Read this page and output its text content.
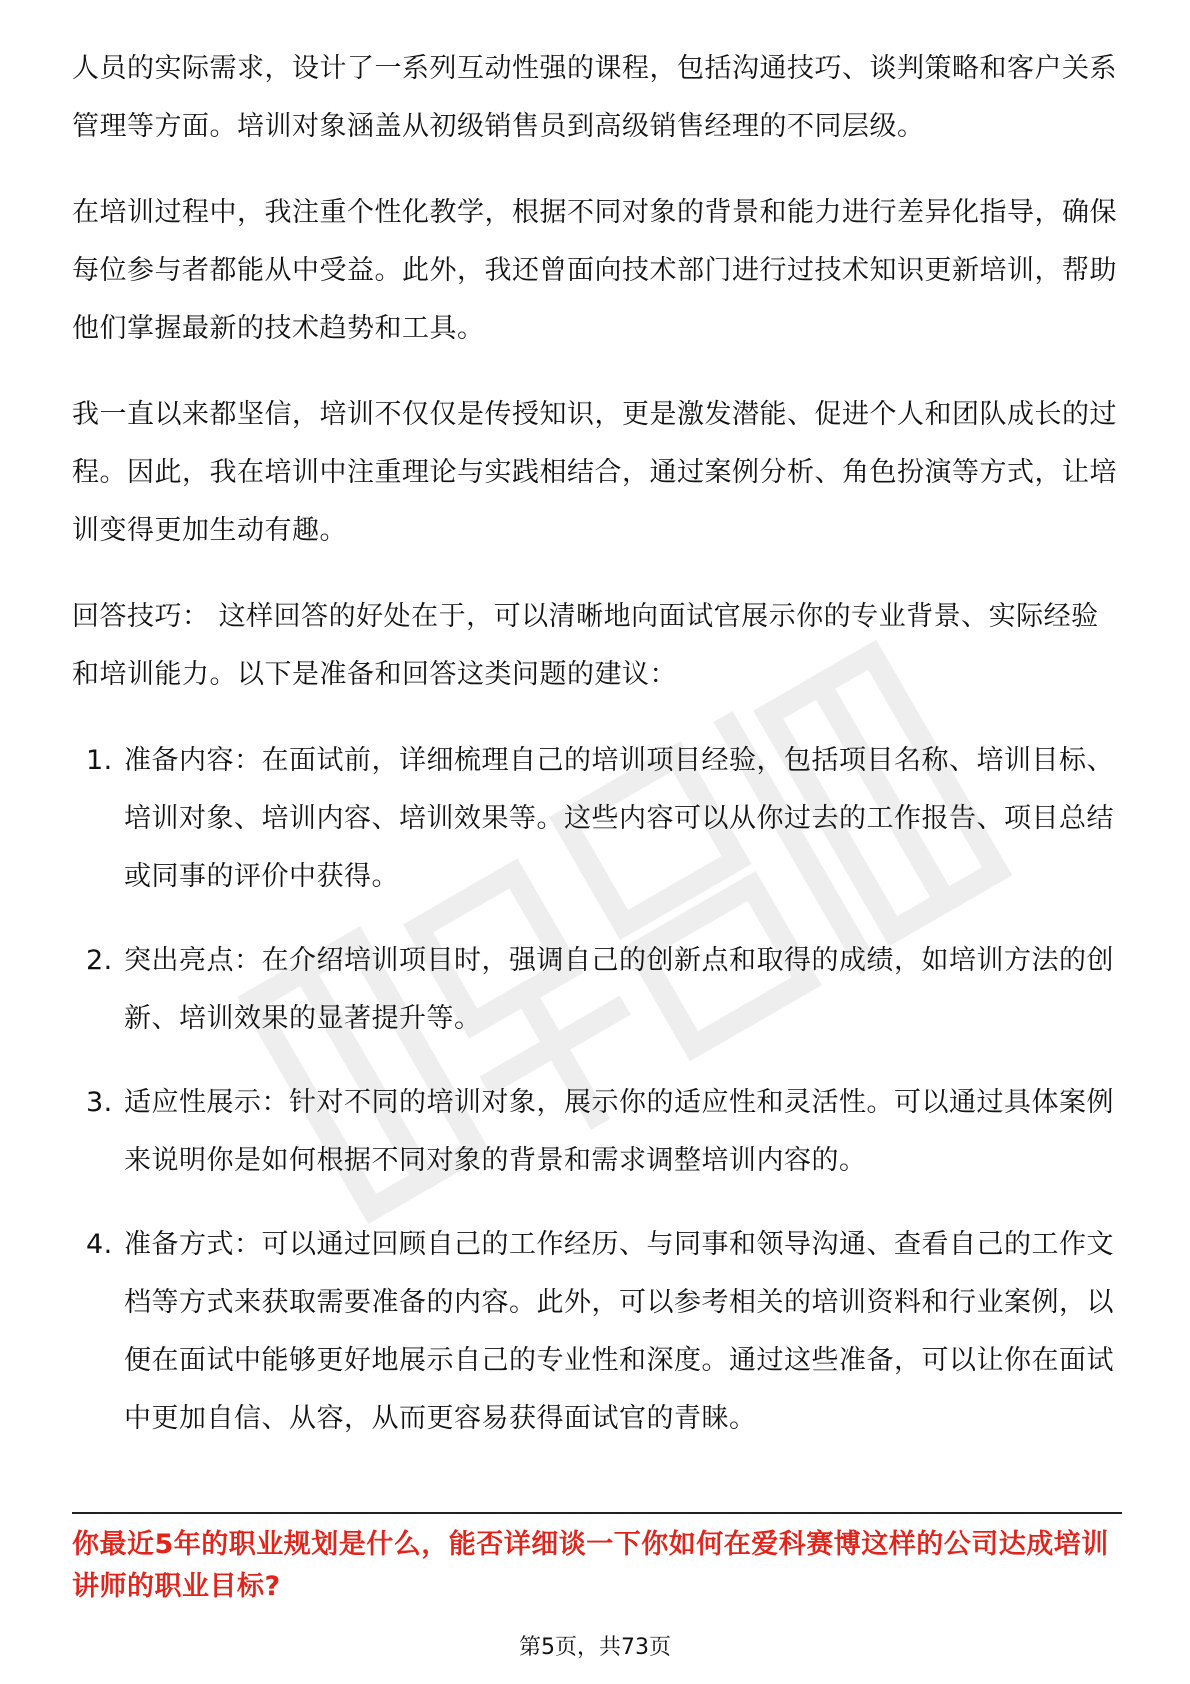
人员的实际需求，设计了一系列互动性强的课程，包括沟通技巧、谈判策略和客户关系管理等方面。培训对象涵盖从初级销售员到高级销售经理的不同层级。

在培训过程中，我注重个性化教学，根据不同对象的背景和能力进行差异化指导，确保每位参与者都能从中受益。此外，我还曾面向技术部门进行过技术知识更新培训，帮助他们掌握最新的技术趋势和工具。

我一直以来都坚信，培训不仅仅是传授知识，更是激发潜能、促进个人和团队成长的过程。因此，我在培训中注重理论与实践相结合，通过案例分析、角色扮演等方式，让培训变得更加生动有趣。

回答技巧： 这样回答的好处在于，可以清晰地向面试官展示你的专业背景、实际经验和培训能力。以下是准备和回答这类问题的建议：

1. 准备内容：在面试前，详细梳理自己的培训项目经验，包括项目名称、培训目标、培训对象、培训内容、培训效果等。这些内容可以从你过去的工作报告、项目总结或同事的评价中获得。
2. 突出亮点：在介绍培训项目时，强调自己的创新点和取得的成绩，如培训方法的创新、培训效果的显著提升等。
3. 适应性展示：针对不同的培训对象，展示你的适应性和灵活性。可以通过具体案例来说明你是如何根据不同对象的背景和需求调整培训内容的。
4. 准备方式：可以通过回顾自己的工作经历、与同事和领导沟通、查看自己的工作文档等方式来获取需要准备的内容。此外，可以参考相关的培训资料和行业案例，以便在面试中能够更好地展示自己的专业性和深度。通过这些准备，可以让你在面试中更加自信、从容，从而更容易获得面试官的青睐。

你最近5年的职业规划是什么，能否详细谈一下你如何在爱科赛博这样的公司达成培训讲师的职业目标?

第5页，共73页
